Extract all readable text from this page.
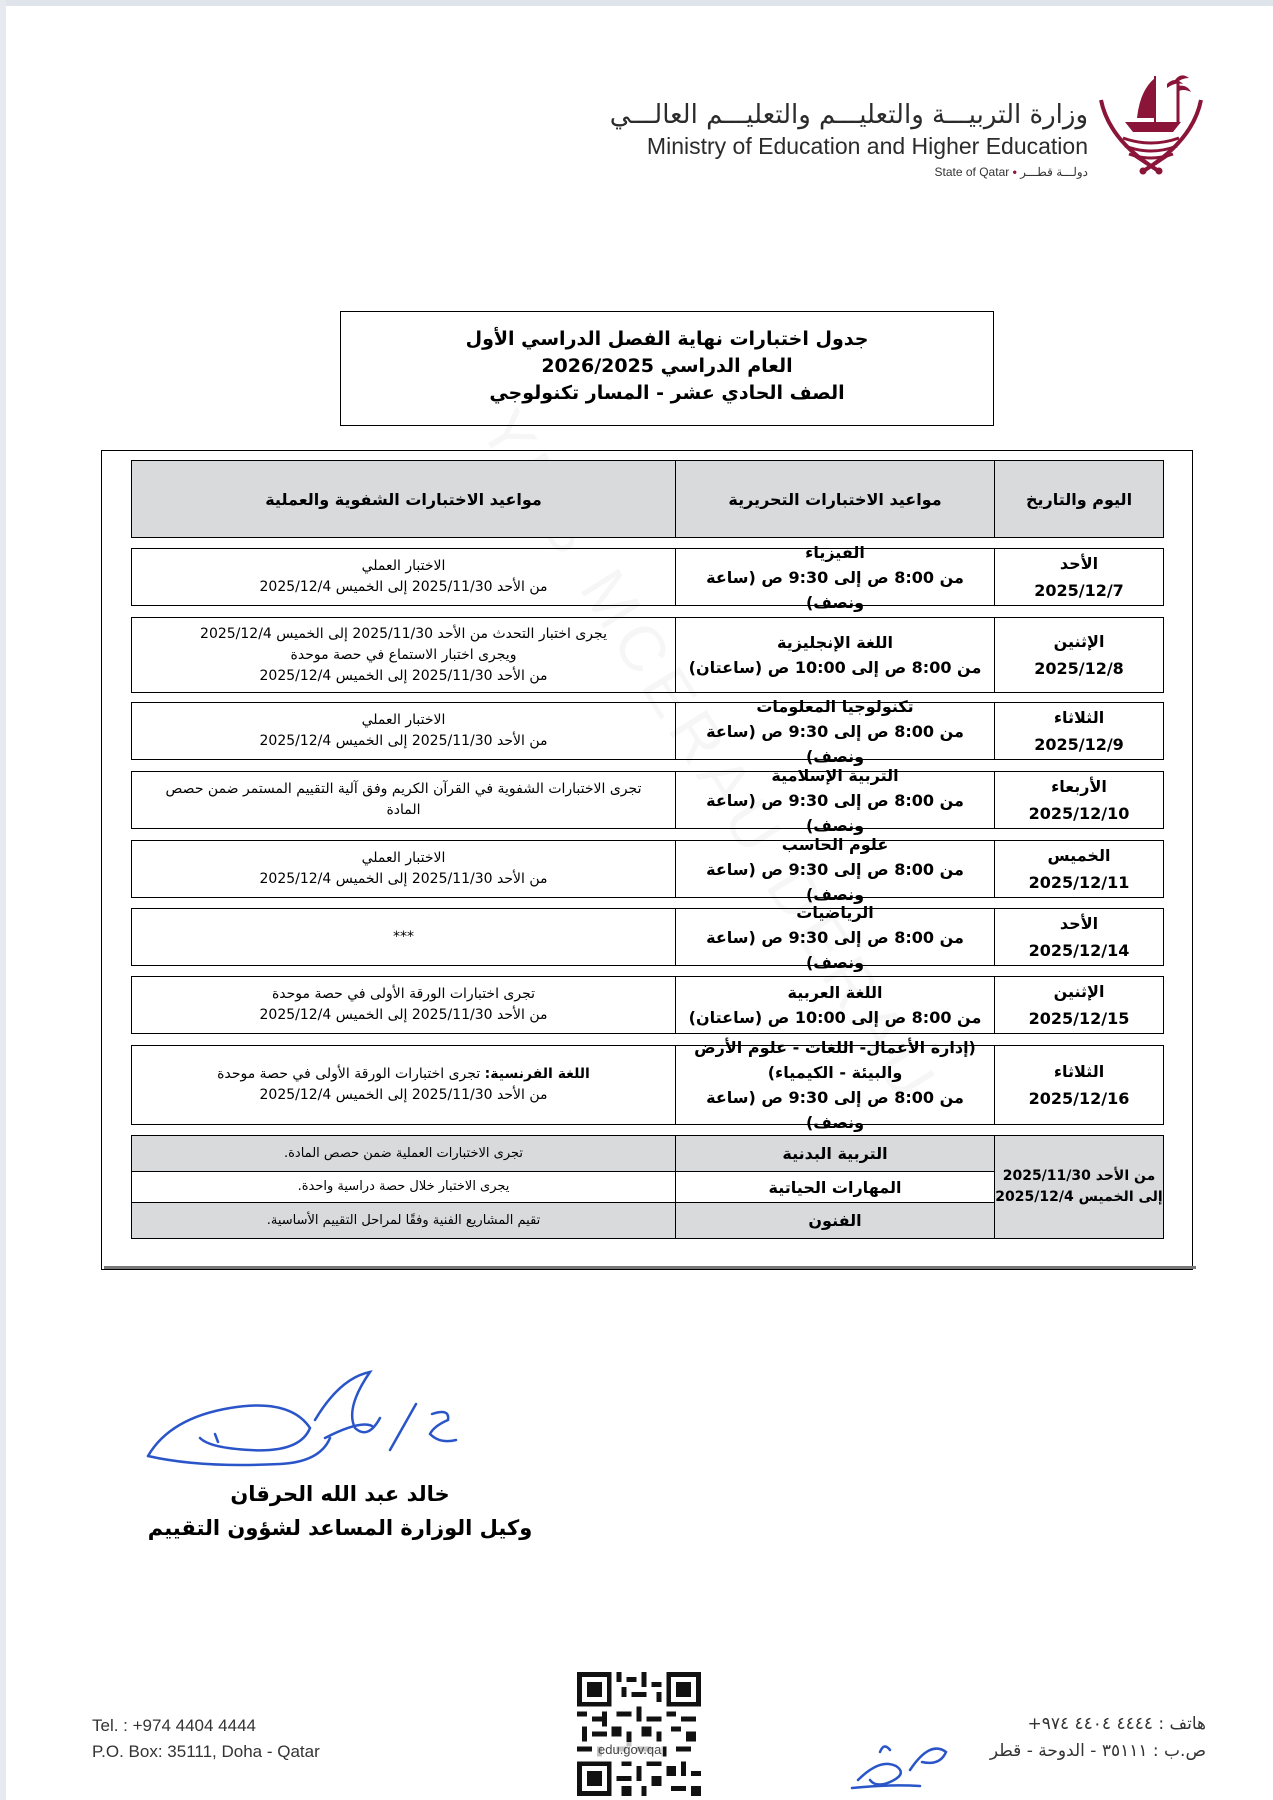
وزارة التربيـــة والتعليـــم والتعليـــم العالـــي
Ministry of Education and Higher Education
State of Qatar • دولـــة قطـــر
جدول اختبارات نهاية الفصل الدراسي الأول
العام الدراسي 2026/2025
الصف الحادي عشر - المسار تكنولوجي
اليوم والتاريخ
مواعيد الاختبارات التحريرية
مواعيد الاختبارات الشفوية والعملية
الأحد
2025/12/7
الفيزياء
من 8:00 ص إلى 9:30 ص (ساعة ونصف)
الاختبار العملي
من الأحد 2025/11/30 إلى الخميس 2025/12/4
الإثنين
2025/12/8
اللغة الإنجليزية
من 8:00 ص إلى 10:00 ص (ساعتان)
يجرى اختبار التحدث من الأحد 2025/11/30 إلى الخميس 2025/12/4
ويجرى اختبار الاستماع في حصة موحدة
من الأحد 2025/11/30 إلى الخميس 2025/12/4
الثلاثاء
2025/12/9
تكنولوجيا المعلومات
من 8:00 ص إلى 9:30 ص (ساعة ونصف)
الاختبار العملي
من الأحد 2025/11/30 إلى الخميس 2025/12/4
الأربعاء
2025/12/10
التربية الإسلامية
من 8:00 ص إلى 9:30 ص (ساعة ونصف)
تجرى الاختبارات الشفوية في القرآن الكريم وفق آلية التقييم المستمر ضمن حصص
المادة
الخميس
2025/12/11
علوم الحاسب
من 8:00 ص إلى 9:30 ص (ساعة ونصف)
الاختبار العملي
من الأحد 2025/11/30 إلى الخميس 2025/12/4
الأحد
2025/12/14
الرياضيات
من 8:00 ص إلى 9:30 ص (ساعة ونصف)
***
الإثنين
2025/12/15
اللغة العربية
من 8:00 ص إلى 10:00 ص (ساعتان)
تجرى اختبارات الورقة الأولى في حصة موحدة
من الأحد 2025/11/30 إلى الخميس 2025/12/4
الثلاثاء
2025/12/16
(إدارة الأعمال- اللغات - علوم الأرض
والبيئة - الكيمياء)
من 8:00 ص إلى 9:30 ص (ساعة ونصف)
اللغة الفرنسية: تجرى اختبارات الورقة الأولى في حصة موحدة
من الأحد 2025/11/30 إلى الخميس 2025/12/4
من الأحد 2025/11/30
إلى الخميس 2025/12/4
التربية البدنية
تجرى الاختبارات العملية ضمن حصص المادة.
المهارات الحياتية
يجرى الاختبار خلال حصة دراسية واحدة.
الفنون
تقيم المشاريع الفنية وفقًا لمراحل التقييم الأساسية.
خالد عبد الله الحرقان
وكيل الوزارة المساعد لشؤون التقييم
Tel. : +974 4404 4444
P.O. Box: 35111, Doha - Qatar	edu.gov.qa
هاتف : ٤٤٤٤ ٤٤٠٤ ٩٧٤+
ص.ب : ٣٥١١١ - الدوحة - قطر
